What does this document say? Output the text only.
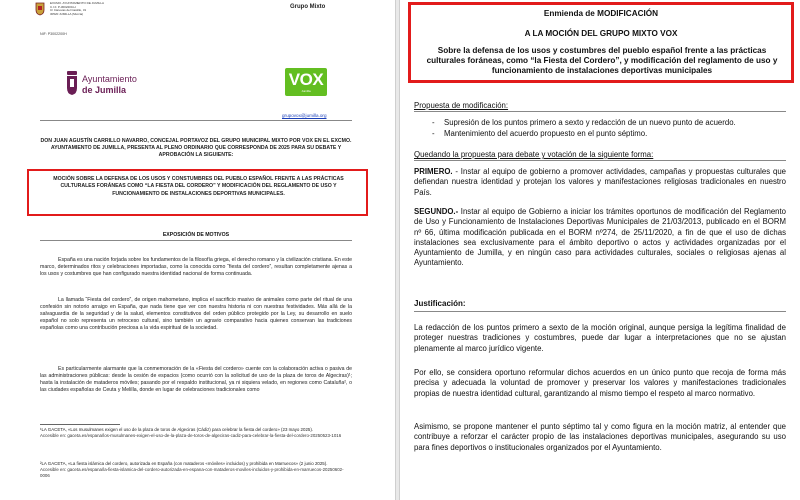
EXCMO. AYUNTAMIENTO DE JUMILLA
C.I.F. P-3002200-H
C/ Cánovas del Castillo, 31
30520 JUMILLA (Murcia)
Grupo Mixto
NIF: P3002200H
Ayuntamiento
de Jumilla
VOX
Jumilla
grupovox@jumilla.org
DON JUAN AGUSTÍN CARRILLO NAVARRO, CONCEJAL PORTAVOZ DEL GRUPO MUNICIPAL MIXTO POR VOX EN EL EXCMO. AYUNTAMIENTO DE JUMILLA, PRESENTA AL PLENO ORDINARIO QUE CORRESPONDA DE 2025 PARA SU DEBATE Y APROBACIÓN LA SIGUIENTE:
MOCIÓN SOBRE LA DEFENSA DE LOS USOS Y CONSTUMBRES DEL PUEBLO ESPAÑOL FRENTE A LAS PRÁCTICAS CULTURALES FORÁNEAS COMO “LA FIESTA DEL CORDERO” Y MODIFICACIÓN DEL REGLAMENTO DE USO Y FUNCIONAMIENTO DE INSTALACIONES DEPORTIVAS MUNICIPALES.
EXPOSICIÓN DE MOTIVOS

España es una nación forjada sobre los fundamentos de la filosofía griega, el derecho romano y la civilización cristiana. En este marco, determinados ritos y celebraciones importadas, como la conocida como “fiesta del cordero”, resultan completamente ajenas a los usos y costumbres que han configurado nuestra identidad nacional de forma continuada.

La llamada “Fiesta del cordero”, de origen mahometano, implica el sacrificio masivo de animales como parte del ritual de una confesión sin notorio arraigo en España, que nada tiene que ver con nuestra historia ni con nuestras festividades. Más allá de la salvaguardia de la seguridad y de la salud, elementos constitutivos del orden público protegido por la Ley, su desarrollo en suelo español no solo representa un retroceso cultural, sino también un agravio comparativo hacia quienes conservan las tradiciones españolas como una contribución preciosa a la vida espiritual de la sociedad.

Es particularmente alarmante que la conmemoración de la «Fiesta del cordero» cuente con la colaboración activa o pasiva de las administraciones públicas: desde la cesión de espacios (como ocurrió con la solicitud de uso de la plaza de toros de Algeciras)¹; hasta la instalación de mataderos móviles; pasando por el respaldo institucional, ya ni siquiera velado, en regiones como Cataluña², o las ciudades españolas de Ceuta y Melilla, donde en lugar de celebraciones tradicionales como

¹LA GACETA, «Los musulmanes exigen el uso de la plaza de toros de Algeciras (Cádiz) para celebrar la fiesta del cordero» (23 mayo 2025).
Accesible en: gaceta.es/espana/los-musulmanes-exigen-el-uso-de-la-plaza-de-toros-de-algeciras-cadiz-para-celebrar-la-fiesta-del-cordero-20250523-1016
²LA GACETA, «La fiesta islámica del cordero, autorizada en España (con mataderos «móviles» incluidos) y prohibida en Marruecos» (2 junio 2025).
Accesible en: gaceta.es/espana/la-fiesta-islamica-del-cordero-autorizada-en-espana-con-mataderos-moviles-incluidos-y-prohibida-en-marruecos-20250602-0006
Enmienda de MODIFICACIÓN
A LA MOCIÓN DEL GRUPO MIXTO VOX
Sobre la defensa de los usos y costumbres del pueblo español frente a las prácticas culturales foráneas, como “la Fiesta del Cordero”, y modificación del reglamento de uso y funcionamiento de instalaciones deportivas municipales
Propuesta de modificación:
- Supresión de los puntos primero a sexto y redacción de un nuevo punto de acuerdo.
- Mantenimiento del acuerdo propuesto en el punto séptimo.
Quedando la propuesta para debate y votación de la siguiente forma:

PRIMERO. - Instar al equipo de gobierno a promover actividades, campañas y propuestas culturales que defiendan nuestra identidad y protejan los valores y manifestaciones religiosas tradicionales en nuestro País.

SEGUNDO.- Instar al equipo de Gobierno a iniciar los trámites oportunos de modificación del Reglamento de Uso y Funcionamiento de Instalaciones Deportivas Municipales de 21/03/2013, publicado en el BORM nº 66, última modificación publicada en el BORM nº274, de 25/11/2020, a fin de que el uso de dichas instalaciones sea exclusivamente para el ámbito deportivo o actos y actividades organizadas por el Ayuntamiento de Jumilla, y en ningún caso para actividades culturales, sociales o religiosas ajenas al Ayuntamiento.

Justificación:

La redacción de los puntos primero a sexto de la moción original, aunque persiga la legítima finalidad de proteger nuestras tradiciones y costumbres, puede dar lugar a interpretaciones que no se ajustan plenamente al marco jurídico vigente.

Por ello, se considera oportuno reformular dichos acuerdos en un único punto que recoja de forma más precisa y adecuada la voluntad de promover y preservar los valores y manifestaciones tradicionales propias de nuestra identidad cultural, garantizando al mismo tiempo el respeto al marco normativo.

Asimismo, se propone mantener el punto séptimo tal y como figura en la moción matriz, al entender que contribuye a reforzar el carácter propio de las instalaciones deportivas municipales, asegurando su uso para fines deportivos o institucionales organizados por el Ayuntamiento.
